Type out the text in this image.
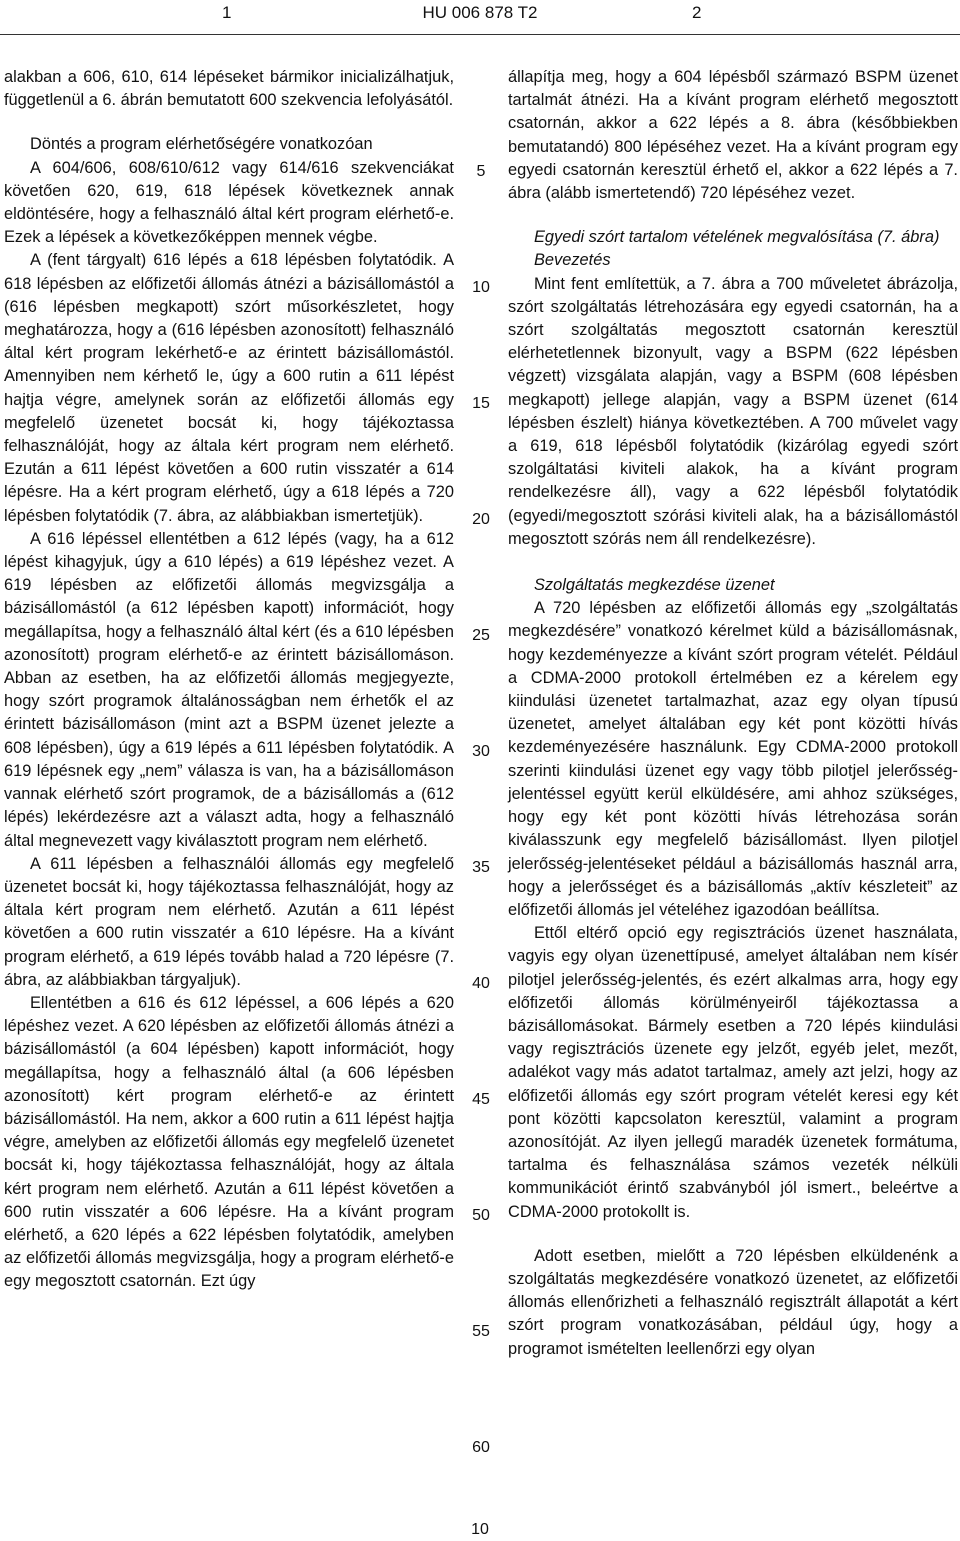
1	HU 006 878 T2	2

alakban a 606, 610, 614 lépéseket bármikor inicializálhatjuk, függetlenül a 6. ábrán bemutatott 600 szekvencia lefolyásától.

Döntés a program elérhetőségére vonatkozóan

A 604/606, 608/610/612 vagy 614/616 szekvenciákat követően 620, 619, 618 lépések következnek annak eldöntésére, hogy a felhasználó által kért program elérhető-e. Ezek a lépések a következőképpen mennek végbe.

A (fent tárgyalt) 616 lépés a 618 lépésben folytatódik. A 618 lépésben az előfizetői állomás átnézi a bázisállomástól a (616 lépésben megkapott) szórt műsorkészletet, hogy meghatározza, hogy a (616 lépésben azonosított) felhasználó által kért program lekérhető-e az érintett bázisállomástól. Amennyiben nem kérhető le, úgy a 600 rutin a 611 lépést hajtja végre, amelynek során az előfizetői állomás egy megfelelő üzenetet bocsát ki, hogy tájékoztassa felhasználóját, hogy az általa kért program nem elérhető. Ezután a 611 lépést követően a 600 rutin visszatér a 614 lépésre. Ha a kért program elérhető, úgy a 618 lépés a 720 lépésben folytatódik (7. ábra, az alábbiakban ismertetjük).

A 616 lépéssel ellentétben a 612 lépés (vagy, ha a 612 lépést kihagyjuk, úgy a 610 lépés) a 619 lépéshez vezet. A 619 lépésben az előfizetői állomás megvizsgálja a bázisállomástól (a 612 lépésben kapott) információt, hogy megállapítsa, hogy a felhasználó által kért (és a 610 lépésben azonosított) program elérhető-e az érintett bázisállomáson. Abban az esetben, ha az előfizetői állomás megjegyezte, hogy szórt programok általánosságban nem érhetők el az érintett bázisállomáson (mint azt a BSPM üzenet jelezte a 608 lépésben), úgy a 619 lépés a 611 lépésben folytatódik. A 619 lépésnek egy „nem” válasza is van, ha a bázisállomáson vannak elérhető szórt programok, de a bázisállomás a (612 lépés) lekérdezésre azt a választ adta, hogy a felhasználó által megnevezett vagy kiválasztott program nem elérhető.

A 611 lépésben a felhasználói állomás egy megfelelő üzenetet bocsát ki, hogy tájékoztassa felhasználóját, hogy az általa kért program nem elérhető. Azután a 611 lépést követően a 600 rutin visszatér a 610 lépésre. Ha a kívánt program elérhető, a 619 lépés tovább halad a 720 lépésre (7. ábra, az alábbiakban tárgyaljuk).

Ellentétben a 616 és 612 lépéssel, a 606 lépés a 620 lépéshez vezet. A 620 lépésben az előfizetői állomás átnézi a bázisállomástól (a 604 lépésben) kapott információt, hogy megállapítsa, hogy a felhasználó által (a 606 lépésben azonosított) kért program elérhető-e az érintett bázisállomástól. Ha nem, akkor a 600 rutin a 611 lépést hajtja végre, amelyben az előfizetői állomás egy megfelelő üzenetet bocsát ki, hogy tájékoztassa felhasználóját, hogy az általa kért program nem elérhető. Azután a 611 lépést követően a 600 rutin visszatér a 606 lépésre. Ha a kívánt program elérhető, a 620 lépés a 622 lépésben folytatódik, amelyben az előfizetői állomás megvizsgálja, hogy a program elérhető-e egy megosztott csatornán. Ezt úgy

5
10
15
20
25
30
35
40
45
50
55
60

állapítja meg, hogy a 604 lépésből származó BSPM üzenet tartalmát átnézi. Ha a kívánt program elérhető megosztott csatornán, akkor a 622 lépés a 8. ábra (későbbiekben bemutatandó) 800 lépéséhez vezet. Ha a kívánt program egy egyedi csatornán keresztül érhető el, akkor a 622 lépés a 7. ábra (alább ismertetendő) 720 lépéséhez vezet.

Egyedi szórt tartalom vételének megvalósítása (7. ábra)

Bevezetés

Mint fent említettük, a 7. ábra a 700 műveletet ábrázolja, szórt szolgáltatás létrehozására egy egyedi csatornán, ha a szórt szolgáltatás megosztott csatornán keresztül elérhetetlennek bizonyult, vagy a BSPM (622 lépésben végzett) vizsgálata alapján, vagy a BSPM (608 lépésben megkapott) jellege alapján, vagy a BSPM üzenet (614 lépésben észlelt) hiánya következtében. A 700 művelet vagy a 619, 618 lépésből folytatódik (kizárólag egyedi szórt szolgáltatási kiviteli alakok, ha a kívánt program rendelkezésre áll), vagy a 622 lépésből folytatódik (egyedi/megosztott szórási kiviteli alak, ha a bázisállomástól megosztott szórás nem áll rendelkezésre).

Szolgáltatás megkezdése üzenet

A 720 lépésben az előfizetői állomás egy „szolgáltatás megkezdésére” vonatkozó kérelmet küld a bázisállomásnak, hogy kezdeményezze a kívánt szórt program vételét. Például a CDMA-2000 protokoll értelmében ez a kérelem egy kiindulási üzenetet tartalmazhat, azaz egy olyan típusú üzenetet, amelyet általában egy két pont közötti hívás kezdeményezésére használunk. Egy CDMA-2000 protokoll szerinti kiindulási üzenet egy vagy több pilotjel jelerősség-jelentéssel együtt kerül elküldésére, ami ahhoz szükséges, hogy egy két pont közötti hívás létrehozása során kiválasszunk egy megfelelő bázisállomást. Ilyen pilotjel jelerősség-jelentéseket például a bázisállomás használ arra, hogy a jelerősséget és a bázisállomás „aktív készleteit” az előfizetői állomás jel vételéhez igazodóan beállítsa.

Ettől eltérő opció egy regisztrációs üzenet használata, vagyis egy olyan üzenettípusé, amelyet általában nem kísér pilotjel jelerősség-jelentés, és ezért alkalmas arra, hogy egy előfizetői állomás körülményeiről tájékoztassa a bázisállomásokat. Bármely esetben a 720 lépés kiindulási vagy regisztrációs üzenete egy jelzőt, egyéb jelet, mezőt, adalékot vagy más adatot tartalmaz, amely azt jelzi, hogy az előfizetői állomás egy szórt program vételét keresi egy két pont közötti kapcsolaton keresztül, valamint a program azonosítóját. Az ilyen jellegű maradék üzenetek formátuma, tartalma és felhasználása számos vezeték nélküli kommunikációt érintő szabványból jól ismert., beleértve a CDMA-2000 protokollt is.

Adott esetben, mielőtt a 720 lépésben elküldenénk a szolgáltatás megkezdésére vonatkozó üzenetet, az előfizetői állomás ellenőrizheti a felhasználó regisztrált állapotát a kért szórt program vonatkozásában, például úgy, hogy a programot ismételten leellenőrzi egy olyan

10
